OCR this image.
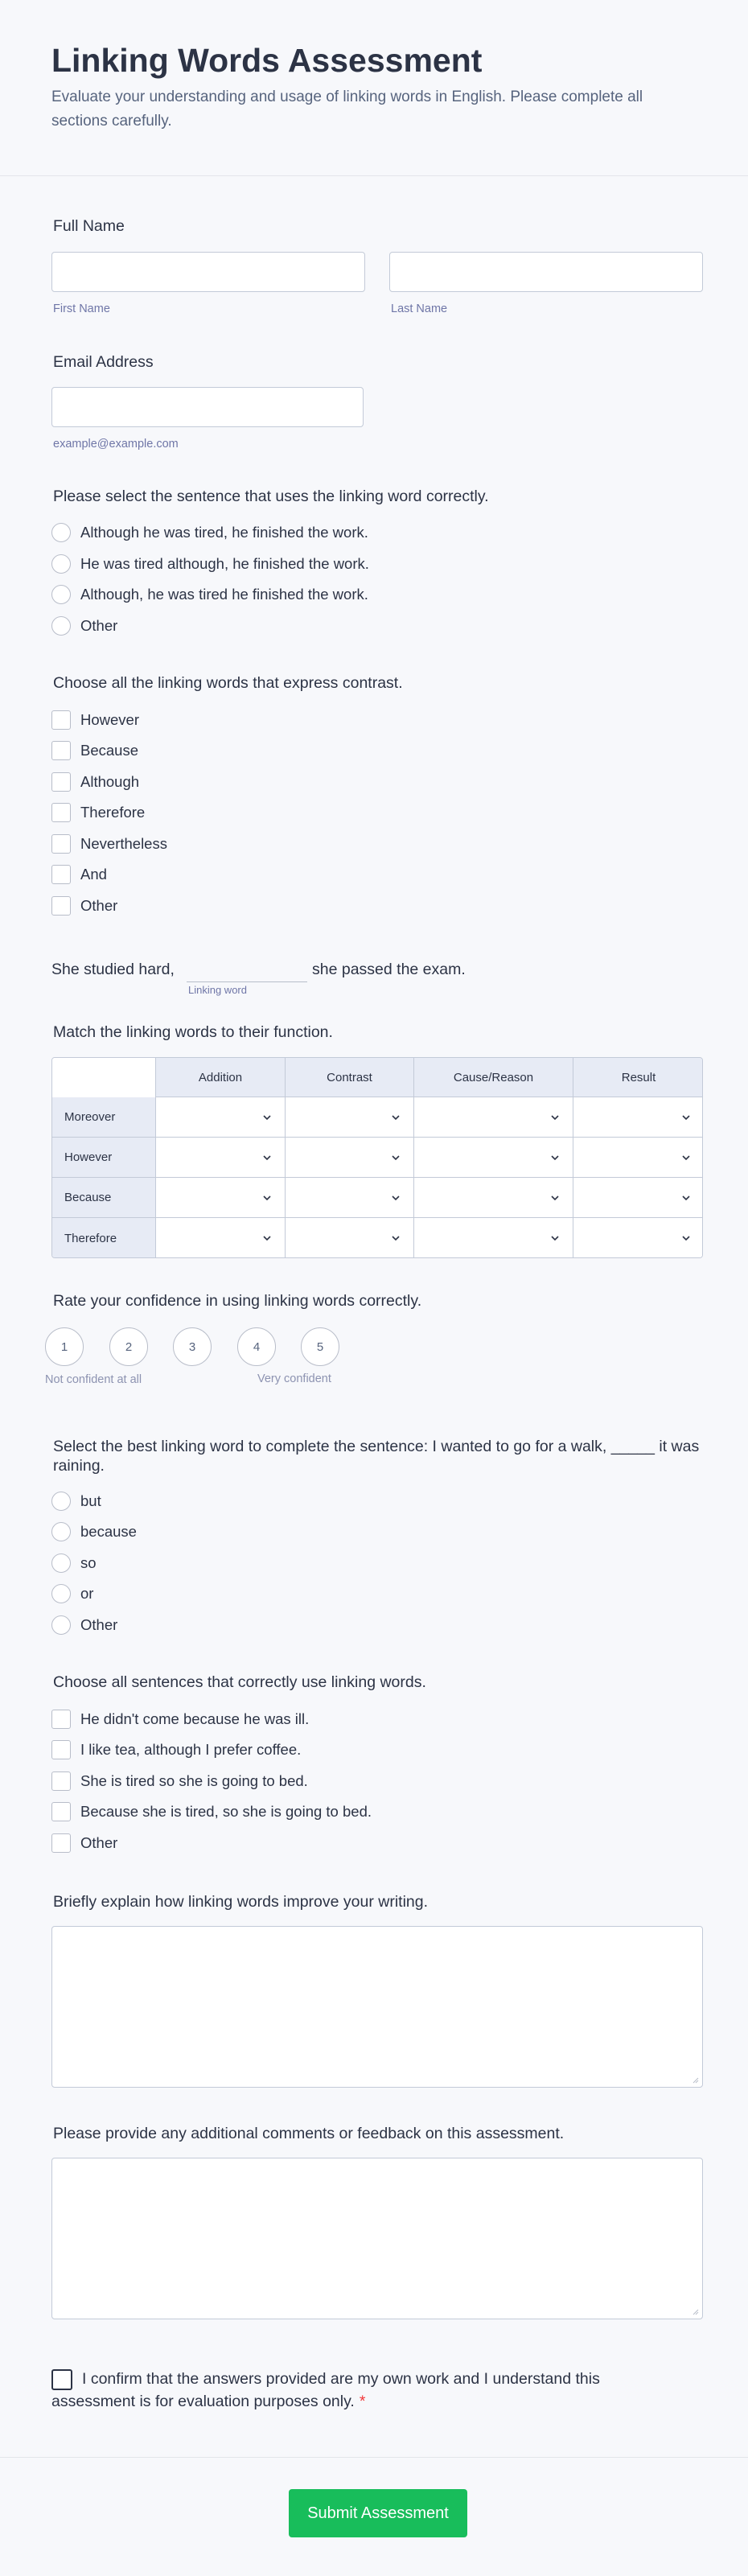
Linking Words Assessment
Evaluate your understanding and usage of linking words in English. Please complete all sections carefully.
Full Name
First Name	Last Name
Email Address
example@example.com
Please select the sentence that uses the linking word correctly.
Although he was tired, he finished the work.
He was tired although, he finished the work.
Although, he was tired he finished the work.
Other
Choose all the linking words that express contrast.
However
Because
Although
Therefore
Nevertheless
And
Other
She studied hard,
Linking word
she passed the exam.
Match the linking words to their function.
Addition	Contrast	Cause/Reason	Result
Moreover
However
Because
Therefore
Rate your confidence in using linking words correctly.
1	2	3	4	5
Not confident at all	Very confident
Select the best linking word to complete the sentence: I wanted to go for a walk, _____ it was raining.
but
because
so
or
Other
Choose all sentences that correctly use linking words.
He didn't come because he was ill.
I like tea, although I prefer coffee.
She is tired so she is going to bed.
Because she is tired, so she is going to bed.
Other
Briefly explain how linking words improve your writing.
Please provide any additional comments or feedback on this assessment.
I confirm that the answers provided are my own work and I understand this assessment is for evaluation purposes only. *
Submit Assessment
